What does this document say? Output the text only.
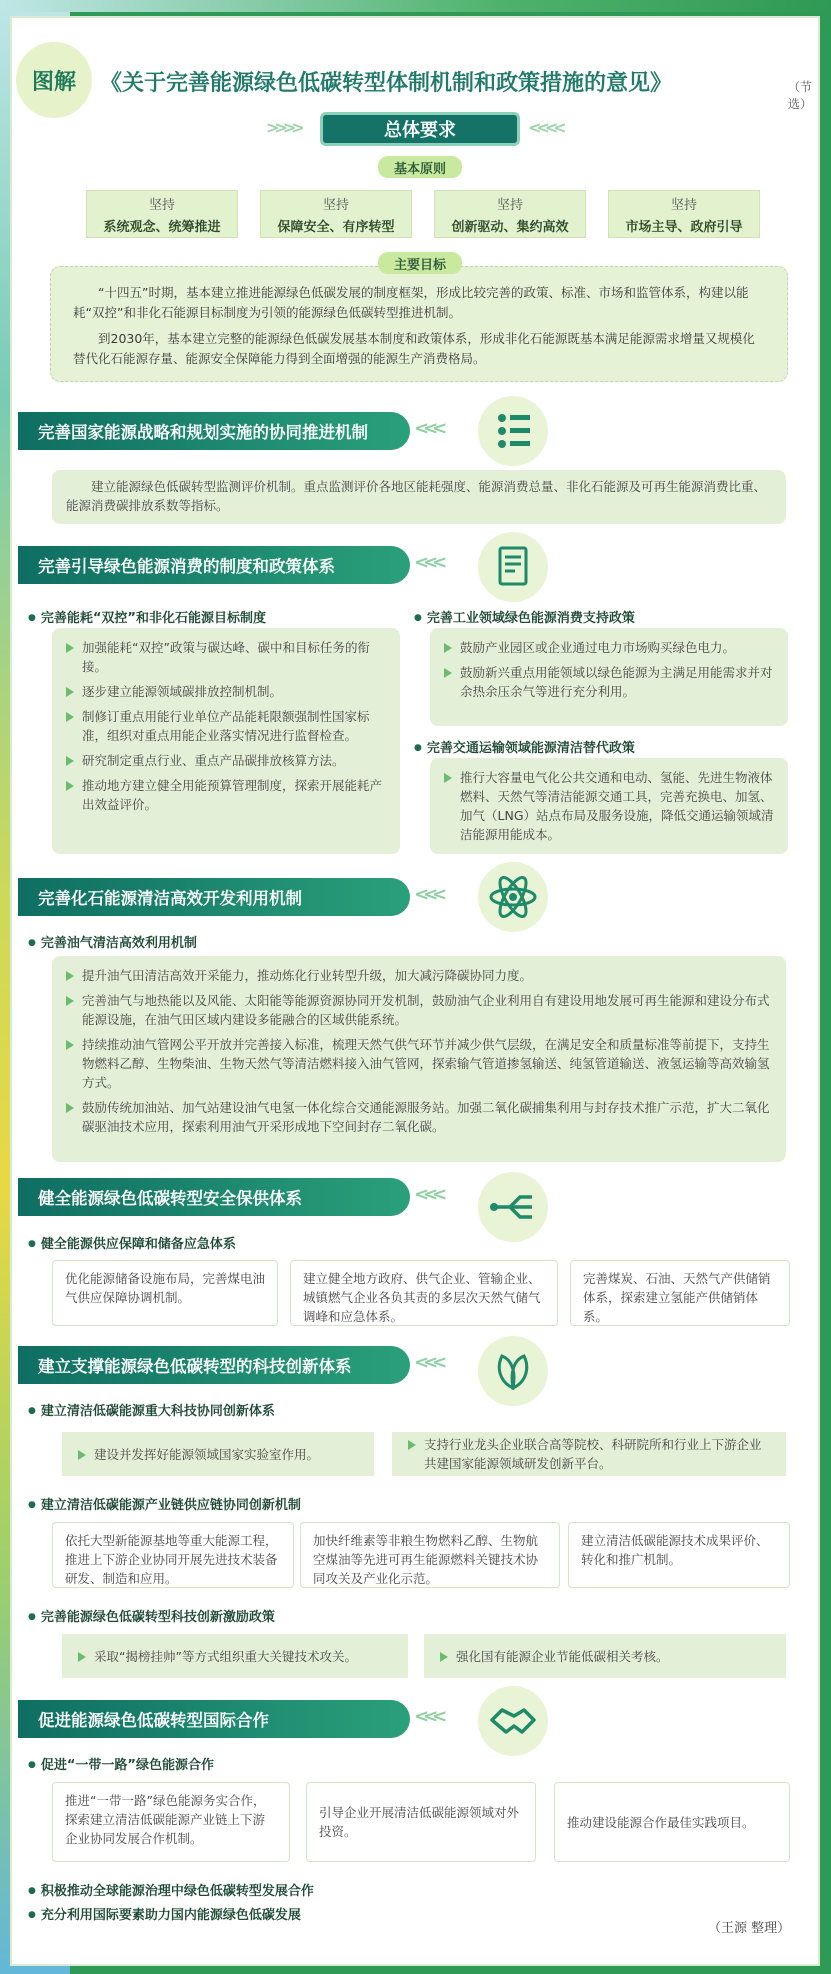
图解	《关于完善能源绿色低碳转型体制机制和政策措施的意见》	（节选）
>>>>	总体要求	<<<<
基本原则
坚持
系统观念、统筹推进
坚持
保障安全、有序转型
坚持
创新驱动、集约高效
坚持
市场主导、政府引导

“十四五”时期，基本建立推进能源绿色低碳发展的制度框架，形成比较完善的政策、标准、市场和监管体系，构建以能耗“双控”和非化石能源目标制度为引领的能源绿色低碳转型推进机制。

到2030年，基本建立完整的能源绿色低碳发展基本制度和政策体系，形成非化石能源既基本满足能源需求增量又规模化替代化石能源存量、能源安全保障能力得到全面增强的能源生产消费格局。

主要目标
完善国家能源战略和规划实施的协同推进机制	<<<
建立能源绿色低碳转型监测评价机制。重点监测评价各地区能耗强度、能源消费总量、非化石能源及可再生能源消费比重、能源消费碳排放系数等指标。
完善引导绿色能源消费的制度和政策体系	<<<
● 完善能耗“双控”和非化石能源目标制度
加强能耗“双控”政策与碳达峰、碳中和目标任务的衔接。
逐步建立能源领域碳排放控制机制。
制修订重点用能行业单位产品能耗限额强制性国家标准，组织对重点用能企业落实情况进行监督检查。
研究制定重点行业、重点产品碳排放核算方法。
推动地方建立健全用能预算管理制度，探索开展能耗产出效益评价。
● 完善工业领域绿色能源消费支持政策
鼓励产业园区或企业通过电力市场购买绿色电力。
鼓励新兴重点用能领域以绿色能源为主满足用能需求并对余热余压余气等进行充分利用。
● 完善交通运输领域能源清洁替代政策
推行大容量电气化公共交通和电动、氢能、先进生物液体燃料、天然气等清洁能源交通工具，完善充换电、加氢、加气（LNG）站点布局及服务设施，降低交通运输领域清洁能源用能成本。
完善化石能源清洁高效开发利用机制	<<<
● 完善油气清洁高效利用机制
提升油气田清洁高效开采能力，推动炼化行业转型升级，加大减污降碳协同力度。
完善油气与地热能以及风能、太阳能等能源资源协同开发机制，鼓励油气企业利用自有建设用地发展可再生能源和建设分布式能源设施，在油气田区域内建设多能融合的区域供能系统。
持续推动油气管网公平开放并完善接入标准，梳理天然气供气环节并减少供气层级，在满足安全和质量标准等前提下，支持生物燃料乙醇、生物柴油、生物天然气等清洁燃料接入油气管网，探索输气管道掺氢输送、纯氢管道输送、液氢运输等高效输氢方式。
鼓励传统加油站、加气站建设油气电氢一体化综合交通能源服务站。加强二氧化碳捕集利用与封存技术推广示范，扩大二氧化碳驱油技术应用，探索利用油气开采形成地下空间封存二氧化碳。
健全能源绿色低碳转型安全保供体系	<<<
● 健全能源供应保障和储备应急体系
优化能源储备设施布局，完善煤电油气供应保障协调机制。
建立健全地方政府、供气企业、管输企业、城镇燃气企业各负其责的多层次天然气储气调峰和应急体系。
完善煤炭、石油、天然气产供储销体系，探索建立氢能产供储销体系。
建立支撑能源绿色低碳转型的科技创新体系	<<<
● 建立清洁低碳能源重大科技协同创新体系
建设并发挥好能源领域国家实验室作用。
支持行业龙头企业联合高等院校、科研院所和行业上下游企业共建国家能源领域研发创新平台。
● 建立清洁低碳能源产业链供应链协同创新机制
依托大型新能源基地等重大能源工程，推进上下游企业协同开展先进技术装备研发、制造和应用。
加快纤维素等非粮生物燃料乙醇、生物航空煤油等先进可再生能源燃料关键技术协同攻关及产业化示范。
建立清洁低碳能源技术成果评价、转化和推广机制。
● 完善能源绿色低碳转型科技创新激励政策
采取“揭榜挂帅”等方式组织重大关键技术攻关。	强化国有能源企业节能低碳相关考核。
促进能源绿色低碳转型国际合作	<<<
● 促进“一带一路”绿色能源合作
推进“一带一路”绿色能源务实合作，探索建立清洁低碳能源产业链上下游企业协同发展合作机制。
引导企业开展清洁低碳能源领域对外投资。
推动建设能源合作最佳实践项目。
● 积极推动全球能源治理中绿色低碳转型发展合作
● 充分利用国际要素助力国内能源绿色低碳发展
（王源 整理）
